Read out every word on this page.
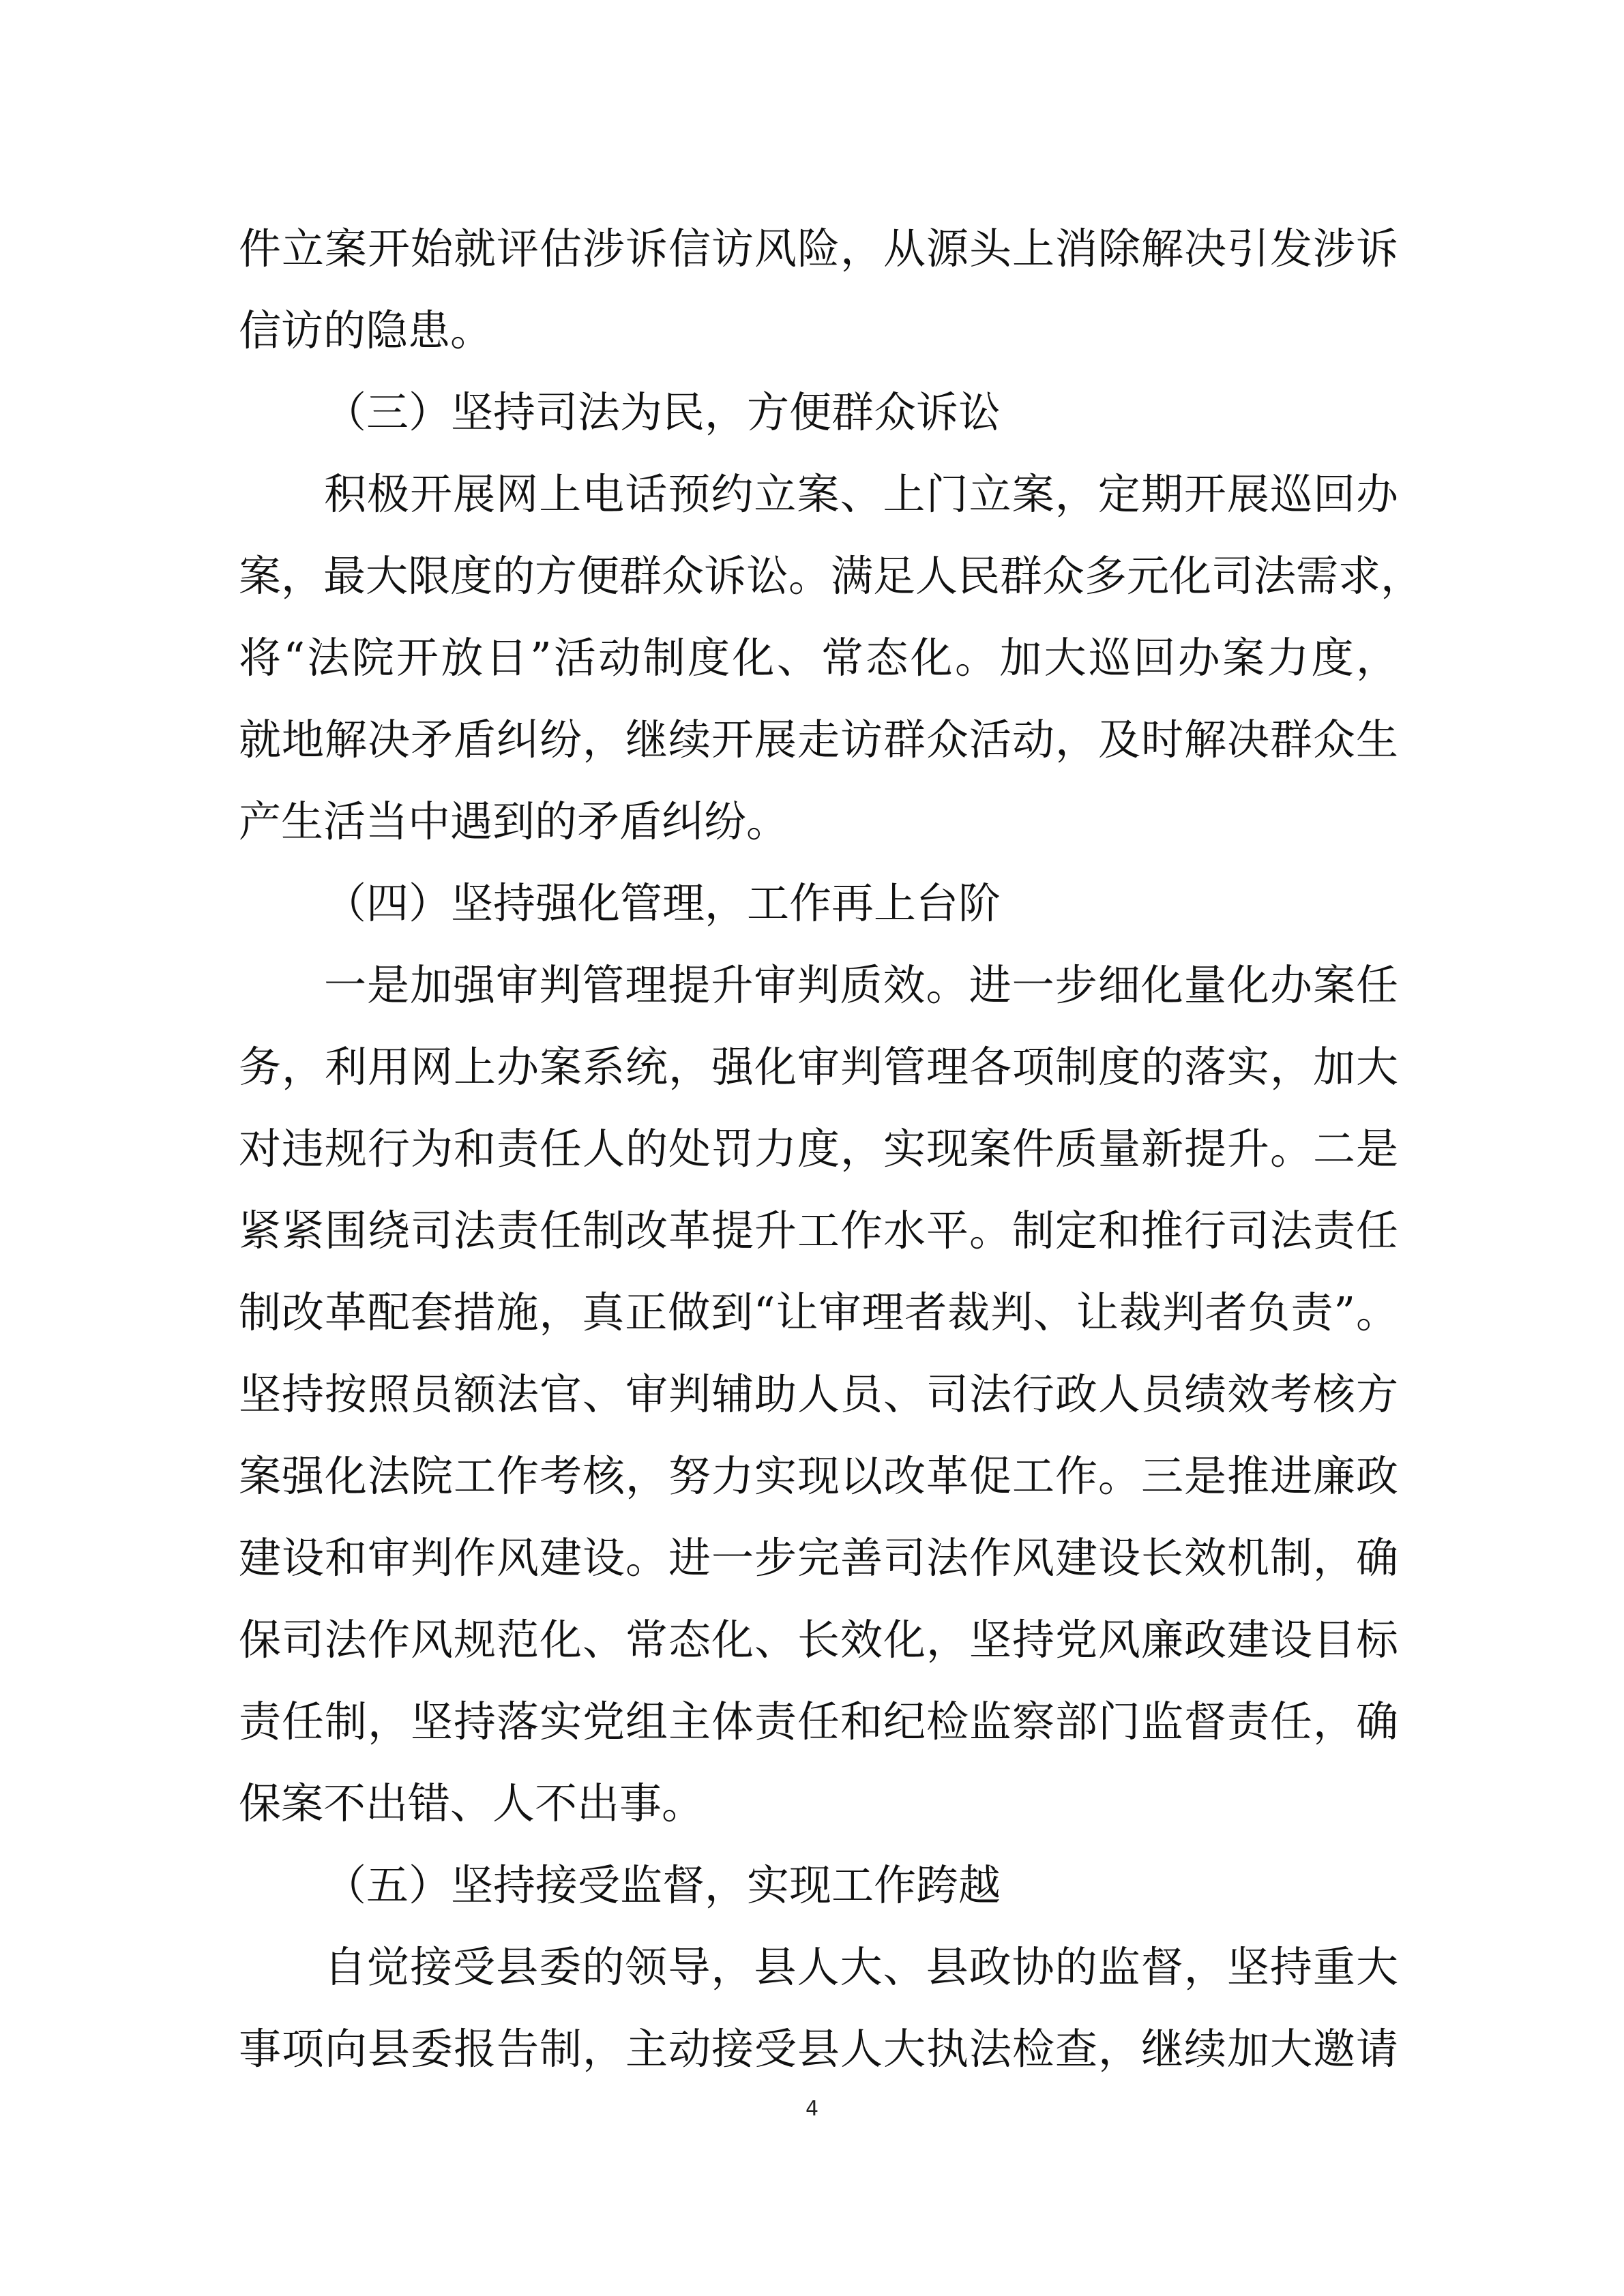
件立案开始就评估涉诉信访风险，从源头上消除解决引发涉诉
信访的隐患。
（三）坚持司法为民，方便群众诉讼
积极开展网上电话预约立案、上门立案，定期开展巡回办
案，最大限度的方便群众诉讼。满足人民群众多元化司法需求，
将“法院开放日”活动制度化、常态化。加大巡回办案力度，
就地解决矛盾纠纷，继续开展走访群众活动，及时解决群众生
产生活当中遇到的矛盾纠纷。
（四）坚持强化管理，工作再上台阶
一是加强审判管理提升审判质效。进一步细化量化办案任
务，利用网上办案系统，强化审判管理各项制度的落实，加大
对违规行为和责任人的处罚力度，实现案件质量新提升。二是
紧紧围绕司法责任制改革提升工作水平。制定和推行司法责任
制改革配套措施，真正做到“让审理者裁判、让裁判者负责”。
坚持按照员额法官、审判辅助人员、司法行政人员绩效考核方
案强化法院工作考核，努力实现以改革促工作。三是推进廉政
建设和审判作风建设。进一步完善司法作风建设长效机制，确
保司法作风规范化、常态化、长效化，坚持党风廉政建设目标
责任制，坚持落实党组主体责任和纪检监察部门监督责任，确
保案不出错、人不出事。
（五）坚持接受监督，实现工作跨越
自觉接受县委的领导，县人大、县政协的监督，坚持重大
事项向县委报告制，主动接受县人大执法检查，继续加大邀请
4
